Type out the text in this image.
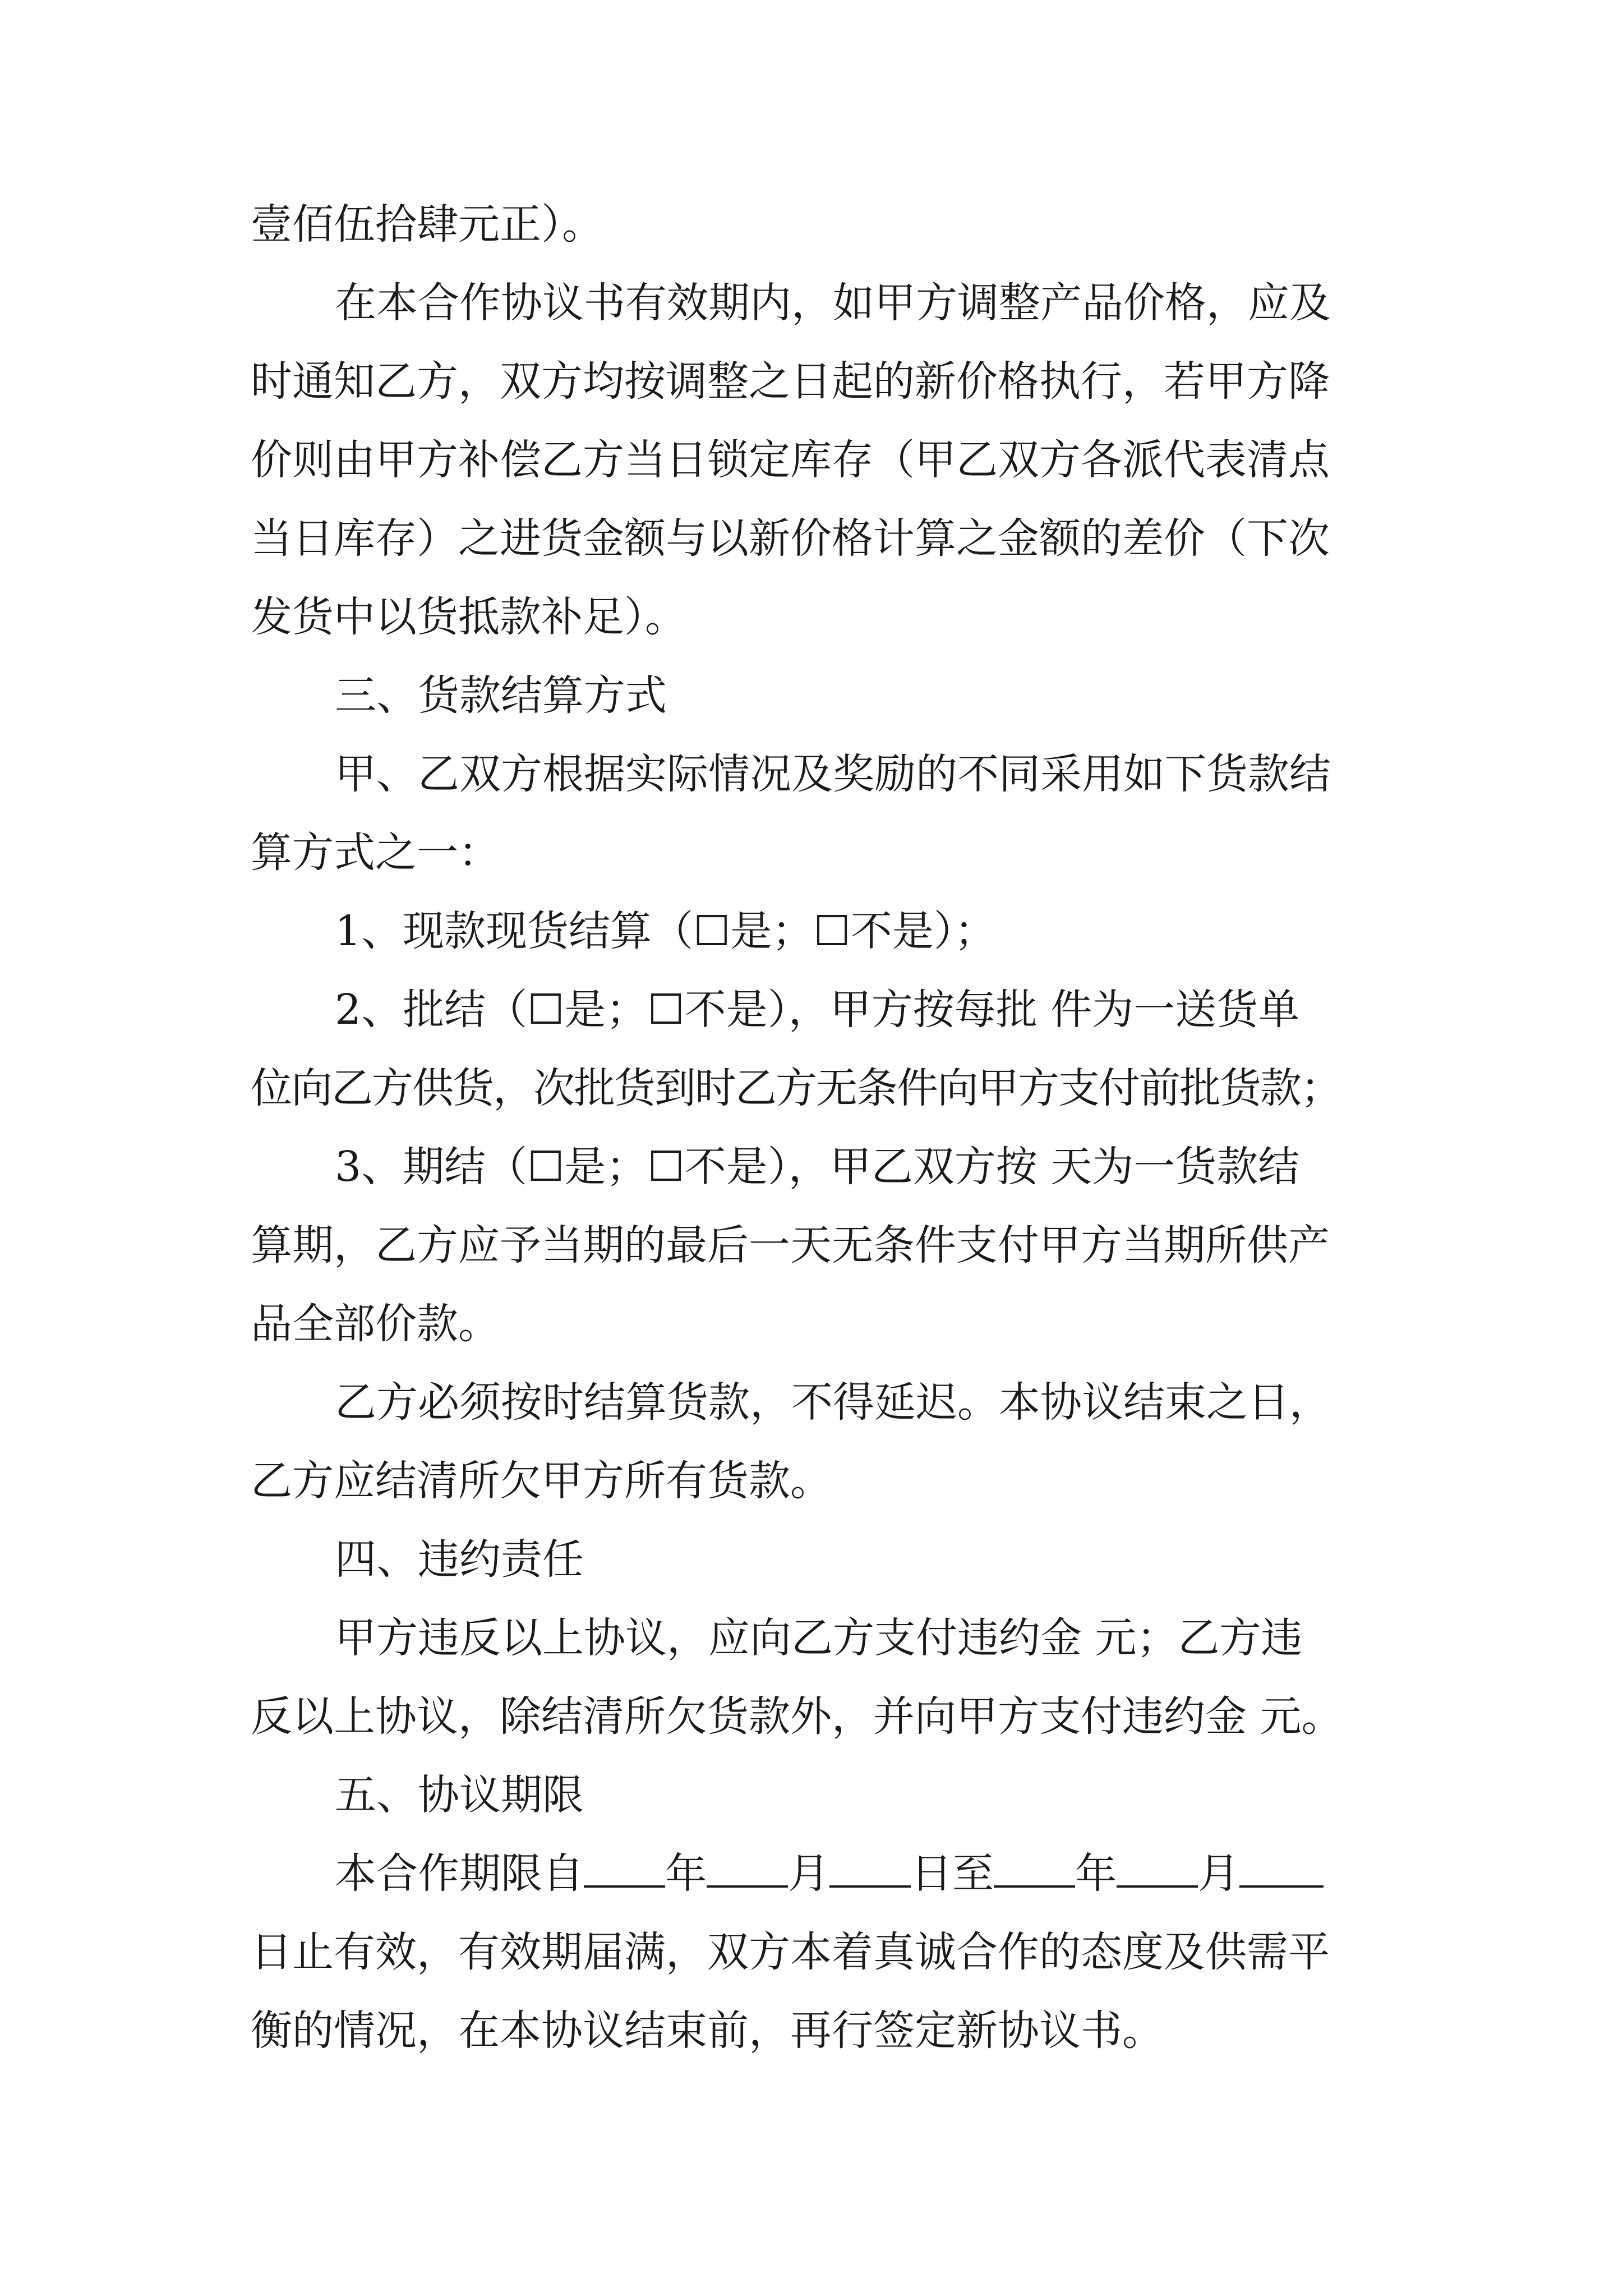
壹佰伍拾肆元正）。
在本合作协议书有效期内，如甲方调整产品价格，应及
时通知乙方，双方均按调整之日起的新价格执行，若甲方降
价则由甲方补偿乙方当日锁定库存（甲乙双方各派代表清点
当日库存）之进货金额与以新价格计算之金额的差价（下次
发货中以货抵款补足）。
三、货款结算方式
甲、乙双方根据实际情况及奖励的不同采用如下货款结
算方式之一：
1、现款现货结算（☐是；☐不是）；
2、批结（☐是；☐不是），甲方按每批 件为一送货单
位向乙方供货，次批货到时乙方无条件向甲方支付前批货款；
3、期结（☐是；☐不是），甲乙双方按 天为一货款结
算期，乙方应予当期的最后一天无条件支付甲方当期所供产
品全部价款。
乙方必须按时结算货款，不得延迟。本协议结束之日，
乙方应结清所欠甲方所有货款。
四、违约责任
甲方违反以上协议，应向乙方支付违约金 元；乙方违
反以上协议，除结清所欠货款外，并向甲方支付违约金 元。
五、协议期限
本合作期限自 年 月 日至 年 月
日止有效，有效期届满，双方本着真诚合作的态度及供需平
衡的情况，在本协议结束前，再行签定新协议书。
